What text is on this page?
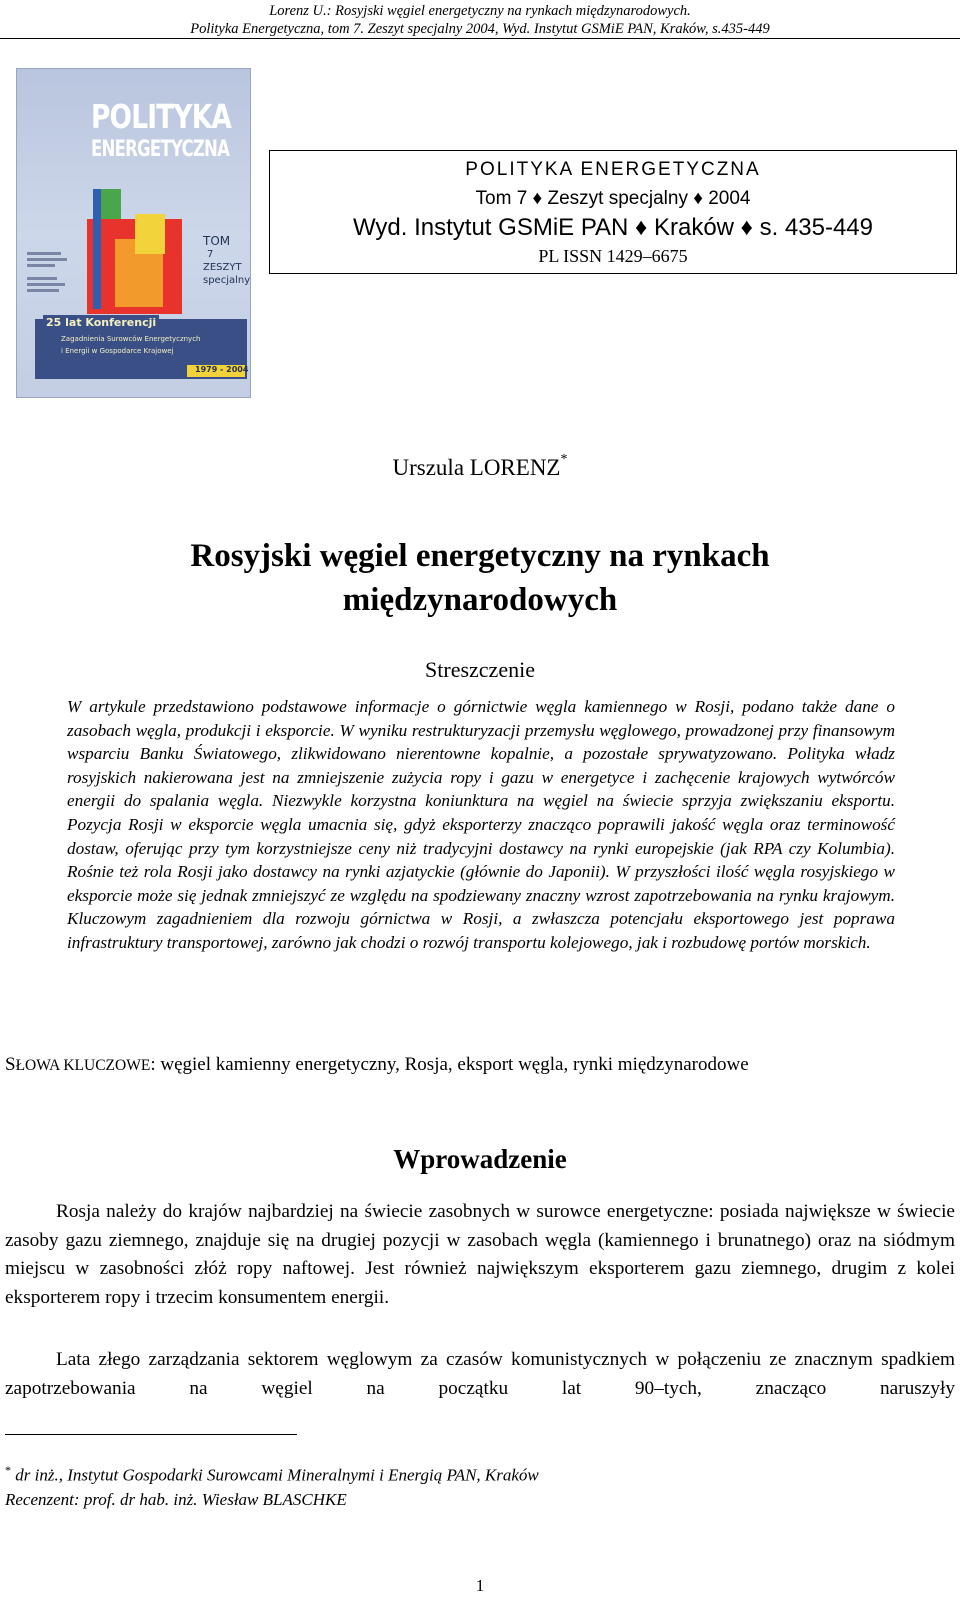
Lorenz U.: Rosyjski węgiel energetyczny na rynkach międzynarodowych.
Polityka Energetyczna, tom 7. Zeszyt specjalny 2004, Wyd. Instytut GSMiE PAN, Kraków, s.435-449
POLITYKA
ENERGETYCZNA
TOM
7
ZESZYT
specjalny
25 lat Konferencji
Zagadnienia Surowców Energetycznych
i Energii w Gospodarce Krajowej
1979 - 2004
POLITYKA ENERGETYCZNA
Tom 7 ♦ Zeszyt specjalny ♦ 2004
Wyd. Instytut GSMiE PAN ♦ Kraków ♦ s. 435-449
PL ISSN 1429–6675
Urszula LORENZ*
Rosyjski węgiel energetyczny na rynkach
międzynarodowych
Streszczenie
W artykule przedstawiono podstawowe informacje o górnictwie węgla kamiennego w Rosji, podano także dane o zasobach węgla, produkcji i eksporcie. W wyniku restrukturyzacji przemysłu węglowego, prowadzonej przy finansowym wsparciu Banku Światowego, zlikwidowano nierentowne kopalnie, a pozostałe sprywatyzowano. Polityka władz rosyjskich nakierowana jest na zmniejszenie zużycia ropy i gazu w energetyce i zachęcenie krajowych wytwórców energii do spalania węgla. Niezwykle korzystna koniunktura na węgiel na świecie sprzyja zwiększaniu eksportu. Pozycja Rosji w eksporcie węgla umacnia się, gdyż eksporterzy znacząco poprawili jakość węgla oraz terminowość dostaw, oferując przy tym korzystniejsze ceny niż tradycyjni dostawcy na rynki europejskie (jak RPA czy Kolumbia). Rośnie też rola Rosji jako dostawcy na rynki azjatyckie (głównie do Japonii). W przyszłości ilość węgla rosyjskiego w eksporcie może się jednak zmniejszyć ze względu na spodziewany znaczny wzrost zapotrzebowania na rynku krajowym. Kluczowym zagadnieniem dla rozwoju górnictwa w Rosji, a zwłaszcza potencjału eksportowego jest poprawa infrastruktury transportowej, zarówno jak chodzi o rozwój transportu kolejowego, jak i rozbudowę portów morskich.
SŁOWA KLUCZOWE: węgiel kamienny energetyczny, Rosja, eksport węgla, rynki międzynarodowe
Wprowadzenie
Rosja należy do krajów najbardziej na świecie zasobnych w surowce energetyczne: posiada największe w świecie zasoby gazu ziemnego, znajduje się na drugiej pozycji w zasobach węgla (kamiennego i brunatnego) oraz na siódmym miejscu w zasobności złóż ropy naftowej. Jest również największym eksporterem gazu ziemnego, drugim z kolei eksporterem ropy i trzecim konsumentem energii.
Lata złego zarządzania sektorem węglowym za czasów komunistycznych w połączeniu ze znacznym spadkiem zapotrzebowania na węgiel na początku lat 90–tych, znacząco naruszyły
* dr inż., Instytut Gospodarki Surowcami Mineralnymi i Energią PAN, Kraków
Recenzent: prof. dr hab. inż. Wiesław BLASCHKE
1
